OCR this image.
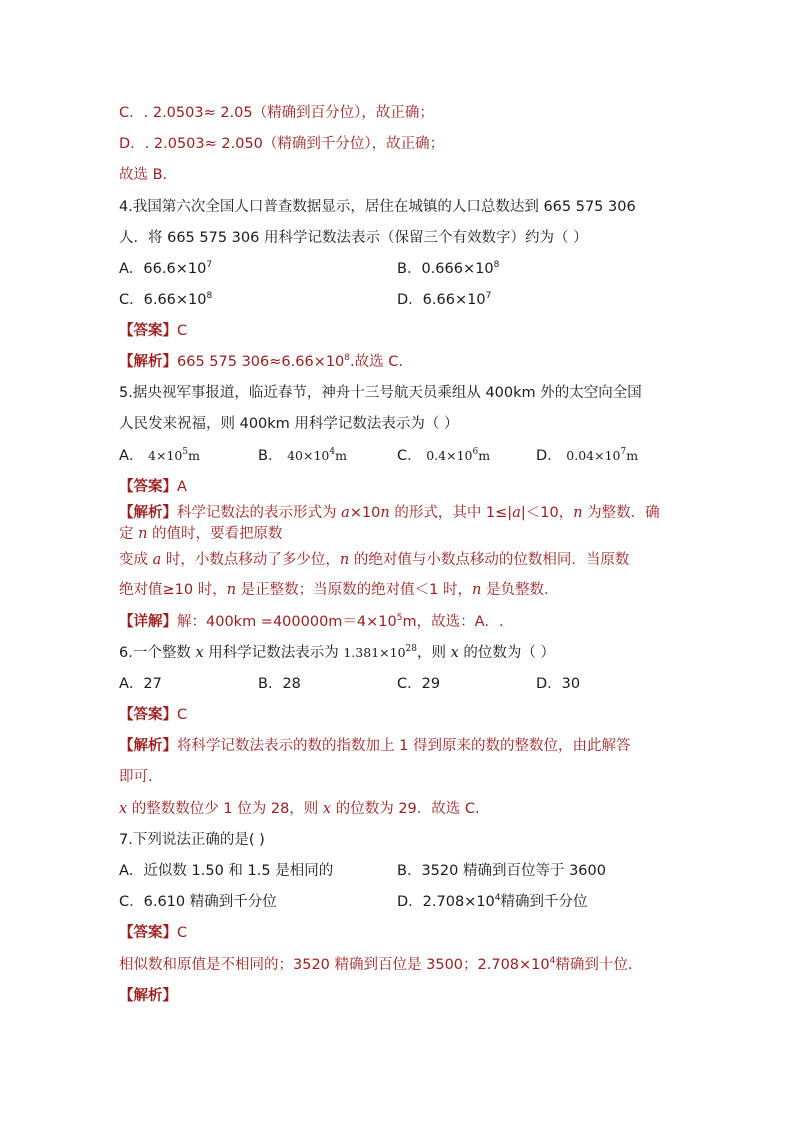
C．. 2.0503≈ 2.05（精确到百分位），故正确；
D．. 2.0503≈ 2.050（精确到千分位），故正确；
故选 B.
4.我国第六次全国人口普查数据显示，居住在城镇的人口总数达到 665 575 306
人．将 665 575 306 用科学记数法表示（保留三个有效数字）约为（ ）
A．$66.6\times 10^7$	B．$0.666\times 10^8$
C．$6.66\times 10^8$	D．$6.66\times 10^7$
【答案】C
【解析】665 575 $306\approx 6.66\times 10^8$.故选 C.
5.据央视军事报道，临近春节，神舟十三号航天员乘组从 400km 外的太空向全国
人民发来祝福，则 400km 用科学记数法表示为（ ）
A． $4\times 10^5m$	B． $40\times 10^4m$	C． $0.4\times 10^6m$	D． $0.04\times 10^7m$
【答案】A
【解析】科学记数法的表示形式为 a×10n 的形式，其中 1≤|a|＜10，n 为整数．确
定 n 的值时，要看把原数
变成 a 时，小数点移动了多少位，n 的绝对值与小数点移动的位数相同．当原数
绝对值≥10 时，n 是正整数；当原数的绝对值＜1 时，n 是负整数.
【详解】解：$400km =400000m=4\times 10^5m$，故选：A．.
6.一个整数 x 用科学记数法表示为 $1.381\times 10^{28}$，则 x 的位数为（ ）
A．27	B．28	C．29	D．30
【答案】C
【解析】将科学记数法表示的数的指数加上 1 得到原来的数的整数位，由此解答
即可.
x 的整数数位少 1 位为 28，则 x 的位数为 29．故选 C.
7.下列说法正确的是( )
A．近似数 1.50 和 1.5 是相同的	B．3520 精确到百位等于 3600
C．6.610 精确到千分位	D．$2.708\times 10^4$精确到千分位
【答案】C
相似数和原值是不相同的；3520 精确到百位是 3500；$2.708\times 10^4$精确到十位.
【解析】
